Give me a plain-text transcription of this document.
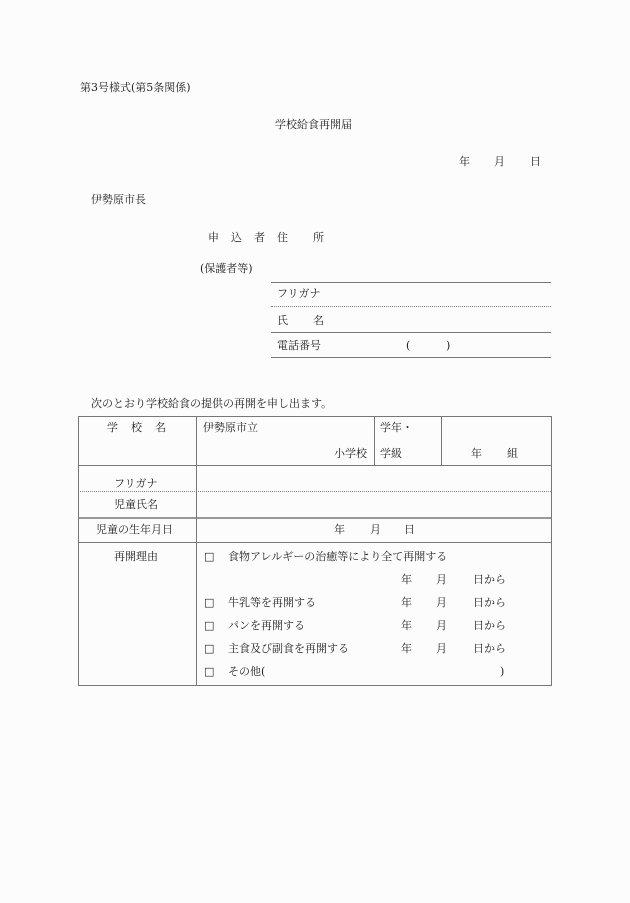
第3号様式(第5条関係)
学校給食再開届
年 月 日
伊勢原市長
申 込 者 住 所
(保護者等)
フリガナ
氏 名
電話番号	(	)
次のとおり学校給食の提供の再開を申し出ます。
学 校 名	伊勢原市立
小学校
学年・
学級	年 組
フリガナ
児童氏名
児童の生年月日	年 月 日
再開理由	□ 食物アレルギーの治癒等により全て再開する
年 月 日から
□ 牛乳等を再開する	年 月 日から
□ パンを再開する	年 月 日から
□ 主食及び副食を再開する	年 月 日から
□ その他(	)
